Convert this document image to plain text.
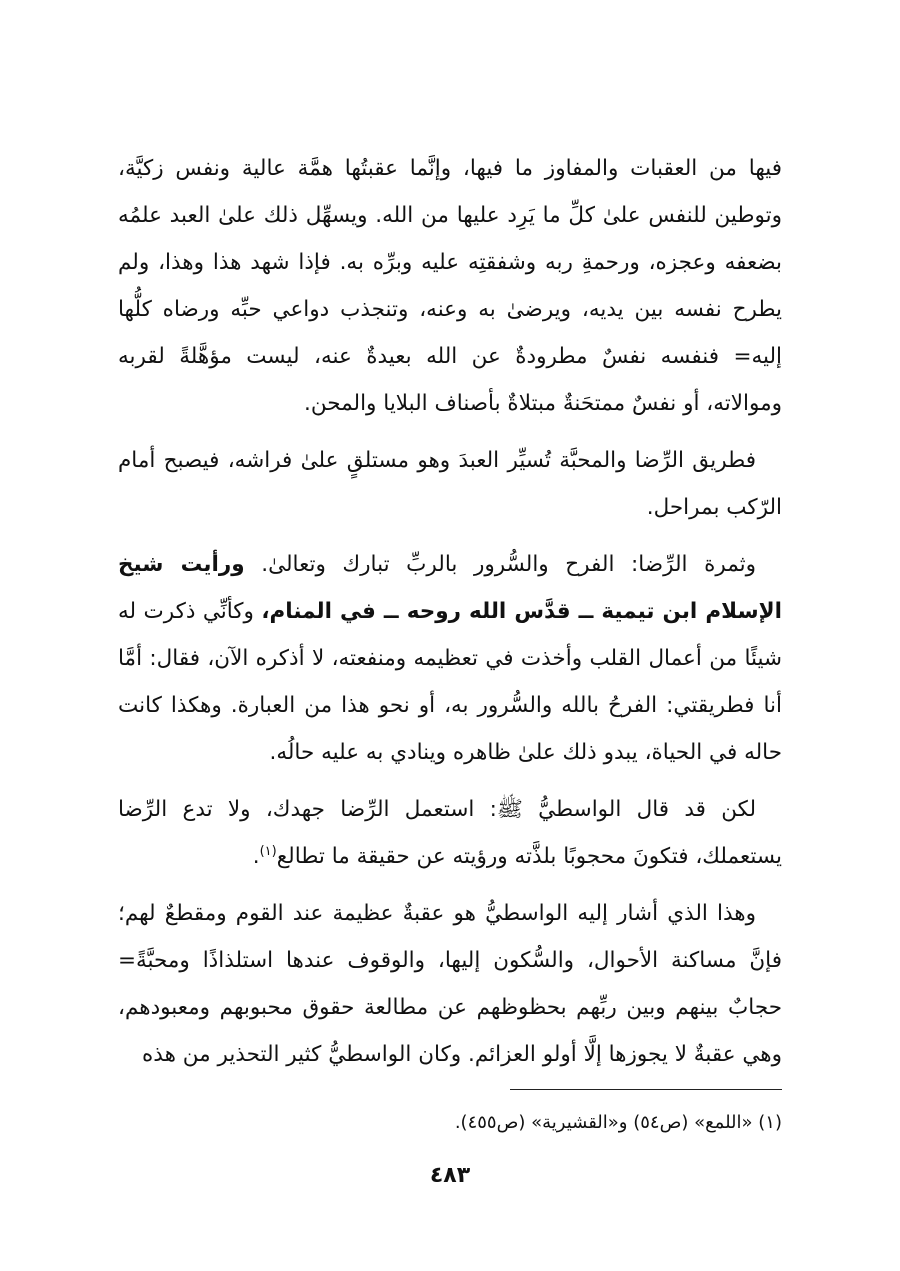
فيها من العقبات والمفاوز ما فيها، وإنَّما عقبتُها همَّة عالية ونفس زكيَّة، وتوطين للنفس علىٰ كلِّ ما يَرِد عليها من الله. ويسهِّل ذلك علىٰ العبد علمُه بضعفه وعجزه، ورحمةِ ربه وشفقتِه عليه وبرِّه به. فإذا شهد هذا وهذا، ولم يطرح نفسه بين يديه، ويرضىٰ به وعنه، وتنجذب دواعي حبِّه ورضاه كلُّها إليه= فنفسه نفسٌ مطرودةٌ عن الله بعيدةٌ عنه، ليست مؤهَّلةً لقربه وموالاته، أو نفسٌ ممتحَنةٌ مبتلاةٌ بأصناف البلايا والمحن.

فطريق الرِّضا والمحبَّة تُسيِّر العبدَ وهو مستلقٍ علىٰ فراشه، فيصبح أمام الرّكب بمراحل.

وثمرة الرِّضا: الفرح والسُّرور بالربِّ تبارك وتعالىٰ. ورأيت شيخ الإسلام ابن تيمية ــ قدَّس الله روحه ــ في المنام، وكأنِّي ذكرت له شيئًا من أعمال القلب وأخذت في تعظيمه ومنفعته، لا أذكره الآن، فقال: أمَّا أنا فطريقتي: الفرحُ بالله والسُّرور به، أو نحو هذا من العبارة. وهكذا كانت حاله في الحياة، يبدو ذلك علىٰ ظاهره وينادي به عليه حالُه.

لكن قد قال الواسطيُّ ﷺ: استعمل الرِّضا جهدك، ولا تدع الرِّضا يستعملك، فتكونَ محجوبًا بلذَّته ورؤيته عن حقيقة ما تطالع$^{(١)}$.

وهذا الذي أشار إليه الواسطيُّ هو عقبةٌ عظيمة عند القوم ومقطعٌ لهم؛ فإنَّ مساكنة الأحوال، والسُّكون إليها، والوقوف عندها استلذاذًا ومحبَّةً= حجابٌ بينهم وبين ربِّهم بحظوظهم عن مطالعة حقوق محبوبهم ومعبودهم، وهي عقبةٌ لا يجوزها إلَّا أولو العزائم. وكان الواسطيُّ كثير التحذير من هذه

(١) «اللمع» (ص٥٤) و«القشيرية» (ص٤٥٥).
٤٨٣
